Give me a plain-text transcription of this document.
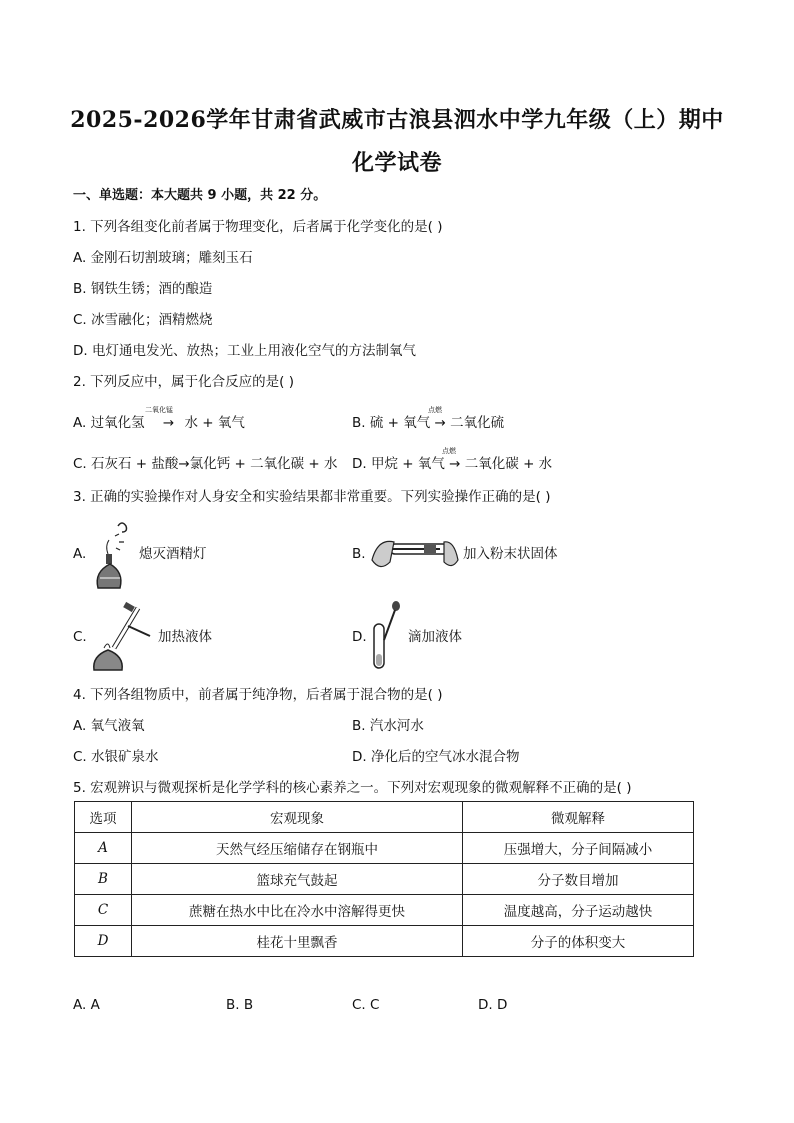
2025-2026学年甘肃省武威市古浪县泗水中学九年级（上）期中
化学试卷
一、单选题：本大题共 9 小题，共 22 分。
1. 下列各组变化前者属于物理变化，后者属于化学变化的是( )
A. 金刚石切割玻璃；雕刻玉石
B. 钢铁生锈；酒的酿造
C. 冰雪融化；酒精燃烧
D. 电灯通电发光、放热；工业上用液化空气的方法制氧气
2. 下列反应中，属于化合反应的是( )
A. 过氧化氢 → 水 + 氧气
二氧化锰
B. 硫 + 氧气 → 二氧化硫
点燃
C. 石灰石 + 盐酸→氯化钙 + 二氧化碳 + 水 D. 甲烷 + 氧气 → 二氧化碳 + 水
点燃
3. 正确的实验操作对人身安全和实验结果都非常重要。下列实验操作正确的是( )
A.	熄灭酒精灯	B.	加入粉末状固体
C.	加热液体	D.	滴加液体
4. 下列各组物质中，前者属于纯净物，后者属于混合物的是( )
A. 氧气液氧	B. 汽水河水
C. 水银矿泉水	D. 净化后的空气冰水混合物
5. 宏观辨识与微观探析是化学学科的核心素养之一。下列对宏观现象的微观解释不正确的是( )
选项	宏观现象	微观解释
A	天然气经压缩储存在钢瓶中	压强增大，分子间隔减小
B	篮球充气鼓起	分子数目增加
C	蔗糖在热水中比在冷水中溶解得更快	温度越高，分子运动越快
D	桂花十里飘香	分子的体积变大
A. A	B. B	C. C	D. D
